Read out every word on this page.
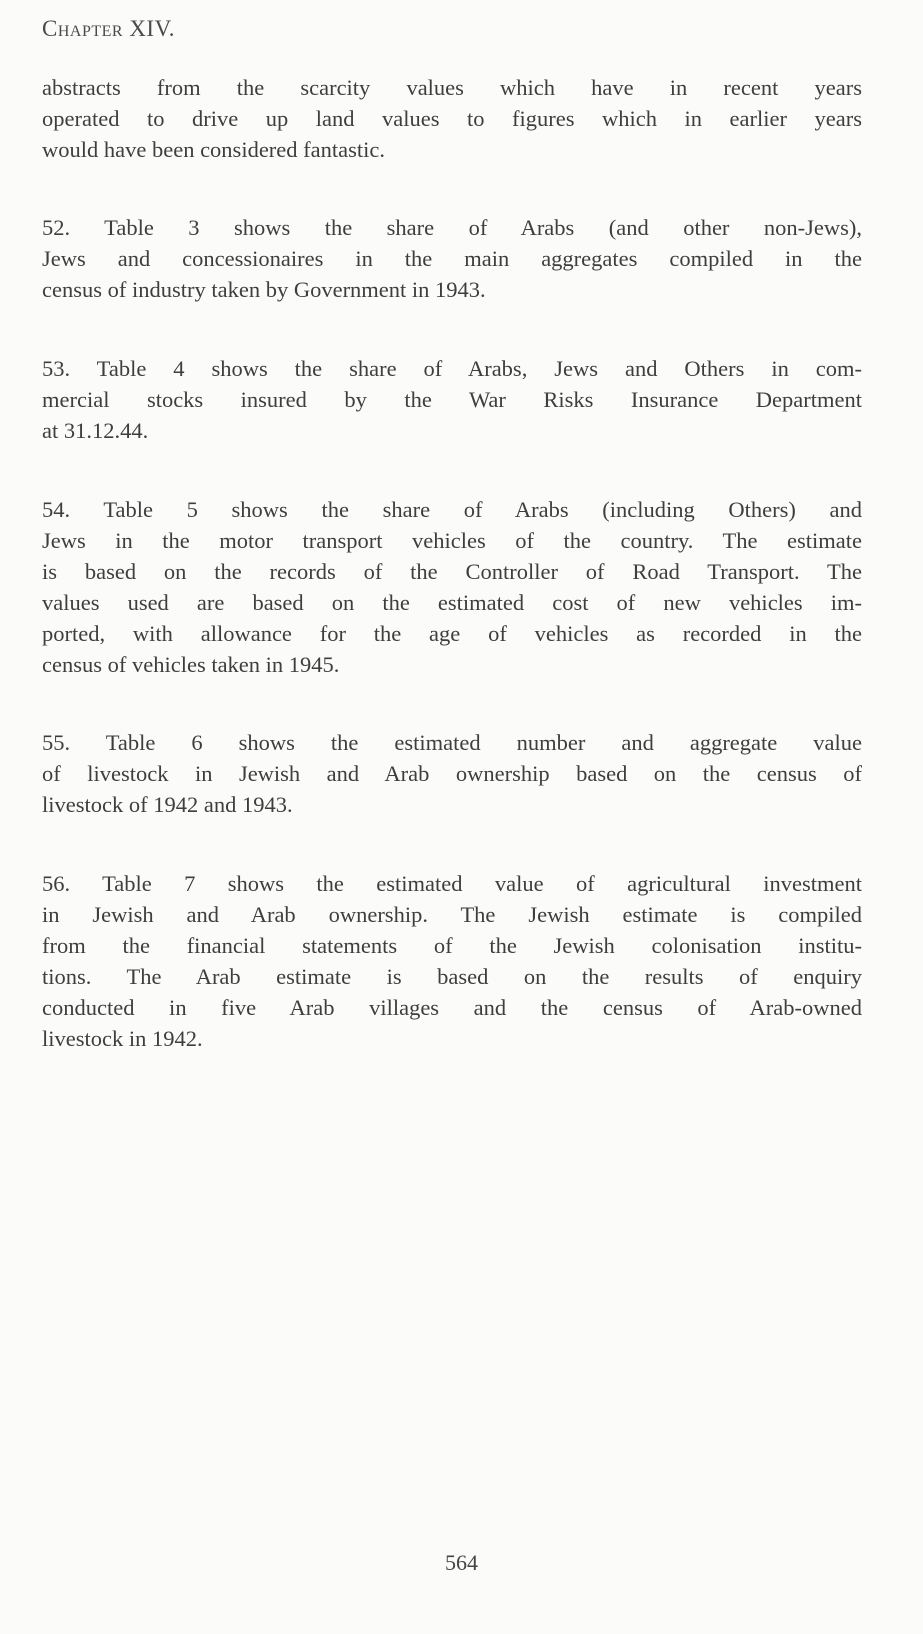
Chapter XIV.
abstracts from the scarcity values which have in recent years
operated to drive up land values to figures which in earlier years
would have been considered fantastic.
52. Table 3 shows the share of Arabs (and other non-Jews),
Jews and concessionaires in the main aggregates compiled in the
census of industry taken by Government in 1943.
53. Table 4 shows the share of Arabs, Jews and Others in com-
mercial stocks insured by the War Risks Insurance Department
at 31.12.44.
54. Table 5 shows the share of Arabs (including Others) and
Jews in the motor transport vehicles of the country. The estimate
is based on the records of the Controller of Road Transport. The
values used are based on the estimated cost of new vehicles im-
ported, with allowance for the age of vehicles as recorded in the
census of vehicles taken in 1945.
55. Table 6 shows the estimated number and aggregate value
of livestock in Jewish and Arab ownership based on the census of
livestock of 1942 and 1943.
56. Table 7 shows the estimated value of agricultural investment
in Jewish and Arab ownership. The Jewish estimate is compiled
from the financial statements of the Jewish colonisation institu-
tions. The Arab estimate is based on the results of enquiry
conducted in five Arab villages and the census of Arab-owned
livestock in 1942.
564
